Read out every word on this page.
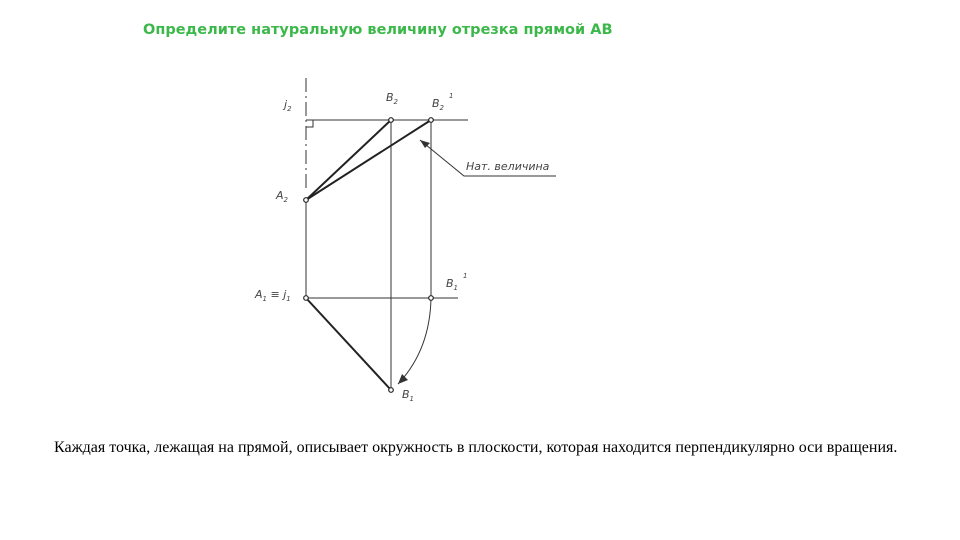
Определите натуральную величину отрезка прямой АВ
$j_2$
$B_2$	$B_2^1$
Нат. величина
$A_2$
$A_1 \equiv j_1$
$B_1^1$
$B_1$
Каждая точка, лежащая на прямой, описывает окружность в плоскости, которая находится перпендикулярно оси вращения.
